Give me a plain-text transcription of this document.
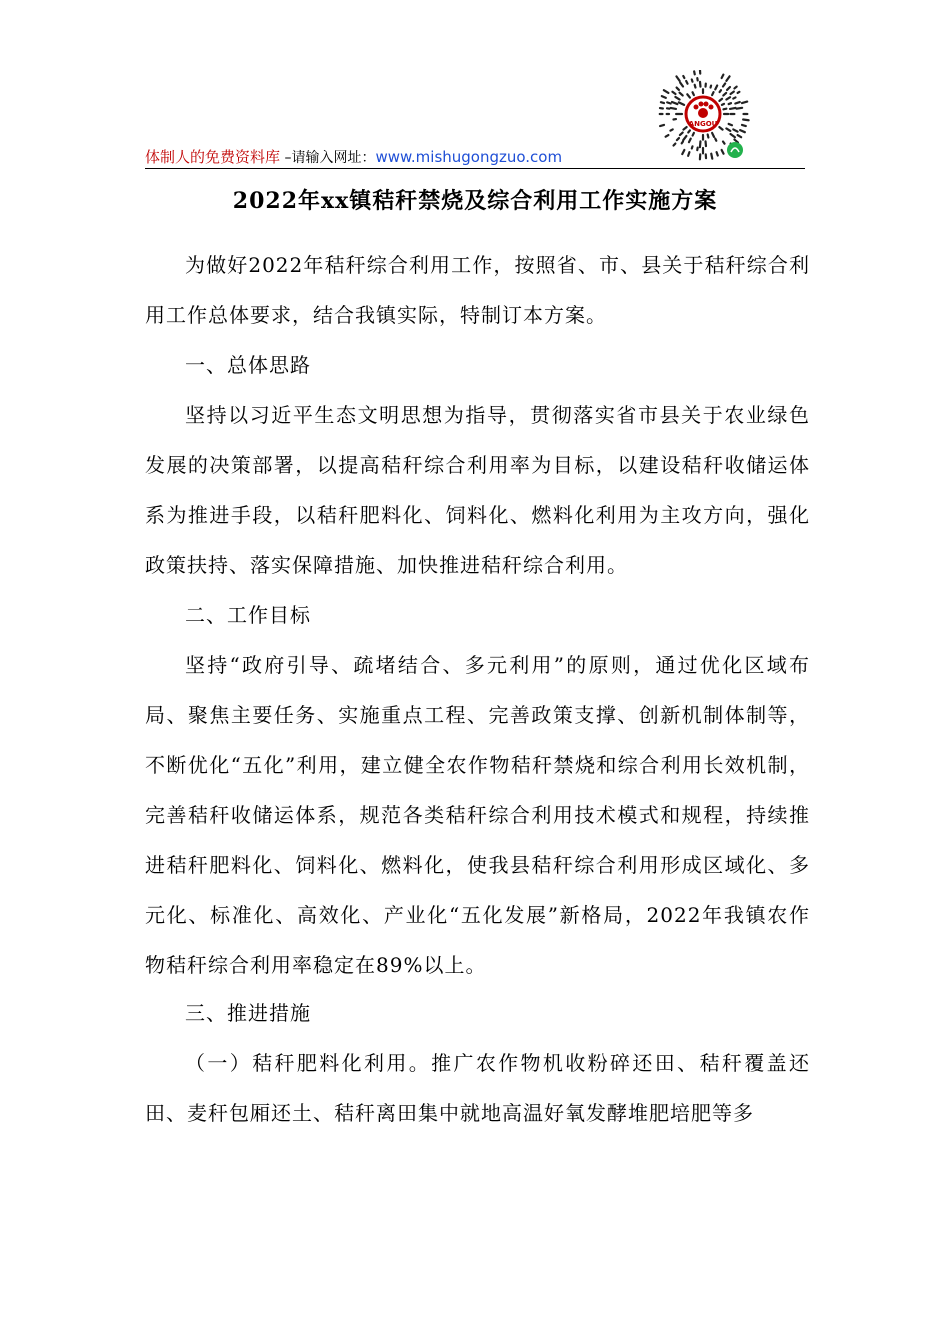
体制人的免费资料库 –请输入网址：www.mishugongzuo.com
ANGOU
2022年xx镇秸秆禁烧及综合利用工作实施方案

为做好2022年秸秆综合利用工作，按照省、市、县关于秸秆综合利用工作总体要求，结合我镇实际，特制订本方案。

一、总体思路

坚持以习近平生态文明思想为指导，贯彻落实省市县关于农业绿色发展的决策部署，以提高秸秆综合利用率为目标，以建设秸秆收储运体系为推进手段，以秸秆肥料化、饲料化、燃料化利用为主攻方向，强化政策扶持、落实保障措施、加快推进秸秆综合利用。

二、工作目标

坚持“政府引导、疏堵结合、多元利用”的原则，通过优化区域布局、聚焦主要任务、实施重点工程、完善政策支撑、创新机制体制等，不断优化“五化”利用，建立健全农作物秸秆禁烧和综合利用长效机制，完善秸秆收储运体系，规范各类秸秆综合利用技术模式和规程，持续推进秸秆肥料化、饲料化、燃料化，使我县秸秆综合利用形成区域化、多元化、标准化、高效化、产业化“五化发展”新格局，2022年我镇农作物秸秆综合利用率稳定在89%以上。

三、推进措施

（一）秸秆肥料化利用。推广农作物机收粉碎还田、秸秆覆盖还田、麦秆包厢还土、秸秆离田集中就地高温好氧发酵堆肥培肥等多
